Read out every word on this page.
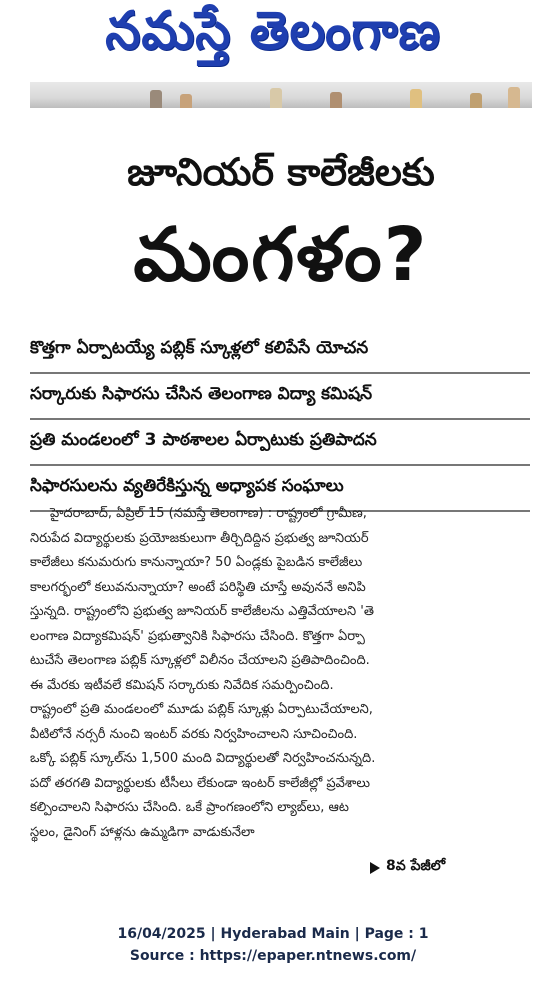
నమస్తే తెలంగాణ
జూనియర్ కాలేజీలకు
మంగళం?
కొత్తగా ఏర్పాటయ్యే పబ్లిక్ స్కూళ్లలో కలిపేసే యోచన
సర్కారుకు సిఫారసు చేసిన తెలంగాణ విద్యా కమిషన్
ప్రతి మండలంలో 3 పాఠశాలల ఏర్పాటుకు ప్రతిపాదన
సిఫారసులను వ్యతిరేకిస్తున్న అధ్యాపక సంఘాలు
హైదరాబాద్, ఏప్రిల్ 15 (నమస్తే తెలంగాణ) : రాష్ట్రంలో గ్రామీణ,
నిరుపేద విద్యార్థులకు ప్రయోజకులుగా తీర్చిదిద్దిన ప్రభుత్వ జూనియర్
కాలేజీలు కనుమరుగు కానున్నాయా? 50 ఏండ్లకు పైబడిన కాలేజీలు
కాలగర్భంలో కలువనున్నాయా? అంటే పరిస్థితి చూస్తే అవుననే అనిపి
స్తున్నది. రాష్ట్రంలోని ప్రభుత్వ జూనియర్ కాలేజీలను ఎత్తివేయాలని 'తె
లంగాణ విద్యాకమిషన్' ప్రభుత్వానికి సిఫారసు చేసింది. కొత్తగా ఏర్పా
టుచేసే తెలంగాణ పబ్లిక్ స్కూళ్లలో విలీనం చేయాలని ప్రతిపాదించింది.
ఈ మేరకు ఇటీవలే కమిషన్ సర్కారుకు నివేదిక సమర్పించింది.
రాష్ట్రంలో ప్రతి మండలంలో మూడు పబ్లిక్ స్కూళ్లు ఏర్పాటుచేయాలని,
వీటిలోనే నర్సరీ నుంచి ఇంటర్ వరకు నిర్వహించాలని సూచించింది.
ఒక్కో పబ్లిక్ స్కూల్‌ను 1,500 మంది విద్యార్థులతో నిర్వహించనున్నది.
పదో తరగతి విద్యార్థులకు టీసీలు లేకుండా ఇంటర్ కాలేజీల్లో ప్రవేశాలు
కల్పించాలని సిఫారసు చేసింది. ఒకే ప్రాంగణంలోని ల్యాబ్‌లు, ఆట
స్థలం, డైనింగ్ హాళ్లను ఉమ్మడిగా వాడుకునేలా
8వ పేజీలో
16/04/2025 | Hyderabad Main | Page : 1
Source : https://epaper.ntnews.com/
